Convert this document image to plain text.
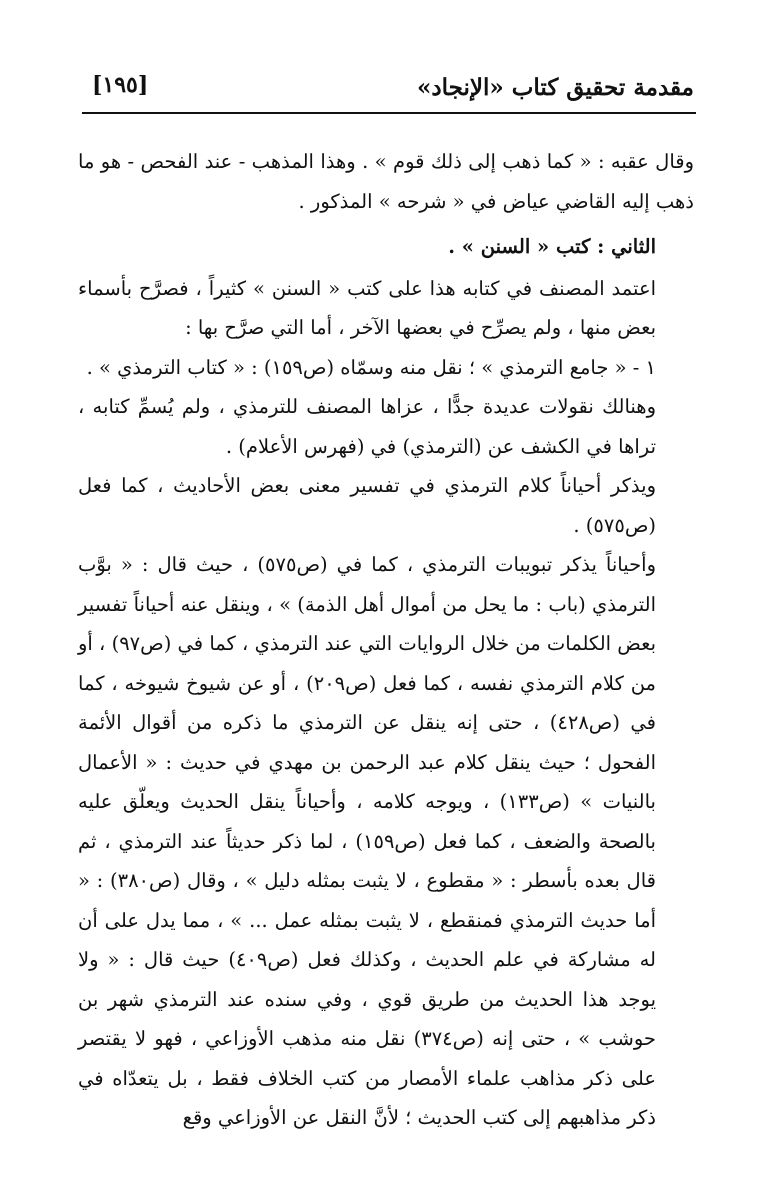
مقدمة تحقيق كتاب «الإنجاد»
[١٩٥]

وقال عقبه : « كما ذهب إلى ذلك قوم » . وهذا المذهب - عند الفحص - هو ما ذهب إليه القاضي عياض في « شرحه » المذكور .

الثاني : كتب « السنن » .

اعتمد المصنف في كتابه هذا على كتب « السنن » كثيراً ، فصرَّح بأسماء بعض منها ، ولم يصرِّح في بعضها الآخر ، أما التي صرَّح بها :

١ - « جامع الترمذي » ؛ نقل منه وسمّاه (ص١٥٩) : « كتاب الترمذي » .

وهنالك نقولات عديدة جدًّا ، عزاها المصنف للترمذي ، ولم يُسمِّ كتابه ، تراها في الكشف عن (الترمذي) في (فهرس الأعلام) .

ويذكر أحياناً كلام الترمذي في تفسير معنى بعض الأحاديث ، كما فعل (ص٥٧٥) .

وأحياناً يذكر تبويبات الترمذي ، كما في (ص٥٧٥) ، حيث قال : « بوَّب الترمذي (باب : ما يحل من أموال أهل الذمة) » ، وينقل عنه أحياناً تفسير بعض الكلمات من خلال الروايات التي عند الترمذي ، كما في (ص٩٧) ، أو من كلام الترمذي نفسه ، كما فعل (ص٢٠٩) ، أو عن شيوخ شيوخه ، كما في (ص٤٢٨) ، حتى إنه ينقل عن الترمذي ما ذكره من أقوال الأئمة الفحول ؛ حيث ينقل كلام عبد الرحمن بن مهدي في حديث : « الأعمال بالنيات » (ص١٣٣) ، ويوجه كلامه ، وأحياناً ينقل الحديث ويعلّق عليه بالصحة والضعف ، كما فعل (ص١٥٩) ، لما ذكر حديثاً عند الترمذي ، ثم قال بعده بأسطر : « مقطوع ، لا يثبت بمثله دليل » ، وقال (ص٣٨٠) : « أما حديث الترمذي فمنقطع ، لا يثبت بمثله عمل ... » ، مما يدل على أن له مشاركة في علم الحديث ، وكذلك فعل (ص٤٠٩) حيث قال : « ولا يوجد هذا الحديث من طريق قوي ، وفي سنده عند الترمذي شهر بن حوشب » ، حتى إنه (ص٣٧٤) نقل منه مذهب الأوزاعي ، فهو لا يقتصر على ذكر مذاهب علماء الأمصار من كتب الخلاف فقط ، بل يتعدّاه في ذكر مذاهبهم إلى كتب الحديث ؛ لأنَّ النقل عن الأوزاعي وقع
